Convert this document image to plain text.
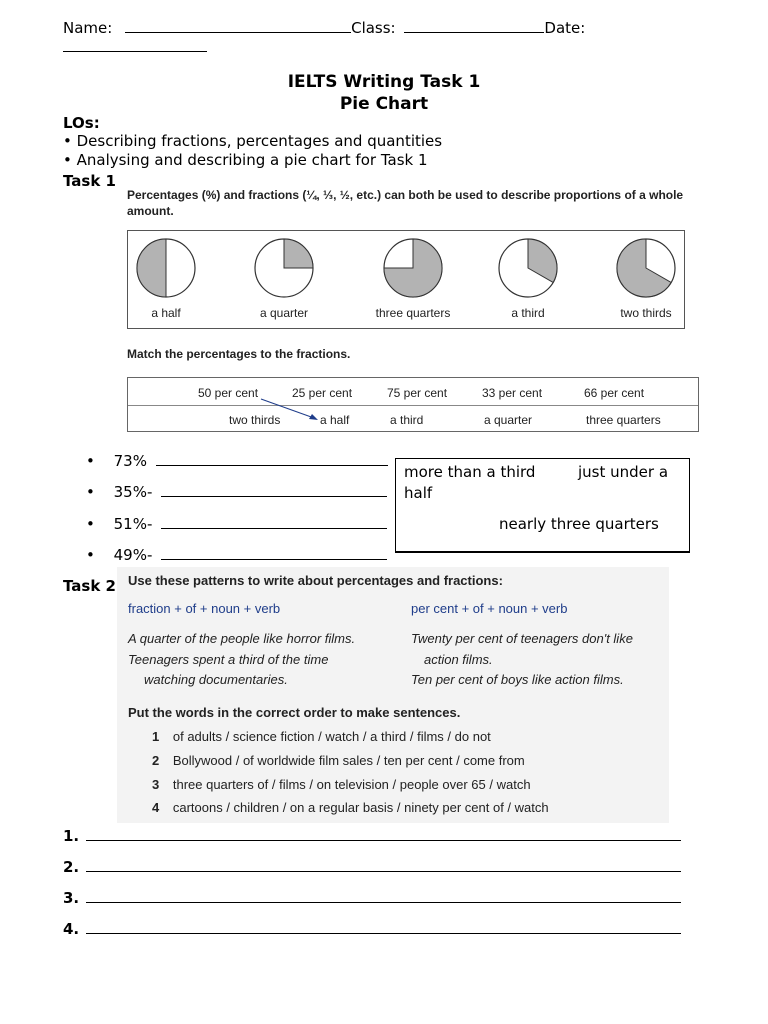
Name:	Class:	Date:
IELTS Writing Task 1
Pie Chart
LOs:
• Describing fractions, percentages and quantities
• Analysing and describing a pie chart for Task 1
Task 1
Percentages (%) and fractions (¼, ⅓, ½, etc.) can both be used to describe proportions of a whole amount.
a half	a quarter	three quarters	a third	two thirds
Match the percentages to the fractions.
50 per cent	25 per cent	75 per cent	33 per cent	66 per cent
two thirds	a half	a third	a quarter	three quarters
• 73%
• 35%-
• 51%-
• 49%-
more than a third	just under a
half
nearly three quarters
Task 2 Use these patterns to write about percentages and fractions:
fraction + of + noun + verb	per cent + of + noun + verb
A quarter of the people like horror films.
Teenagers spent a third of the time
watching documentaries.
Twenty per cent of teenagers don't like
action films.
Ten per cent of boys like action films.
Put the words in the correct order to make sentences.
1 of adults / science fiction / watch / a third / films / do not
2 Bollywood / of worldwide film sales / ten per cent / come from
3 three quarters of / films / on television / people over 65 / watch
4 cartoons / children / on a regular basis / ninety per cent of / watch
1.
2.
3.
4.
